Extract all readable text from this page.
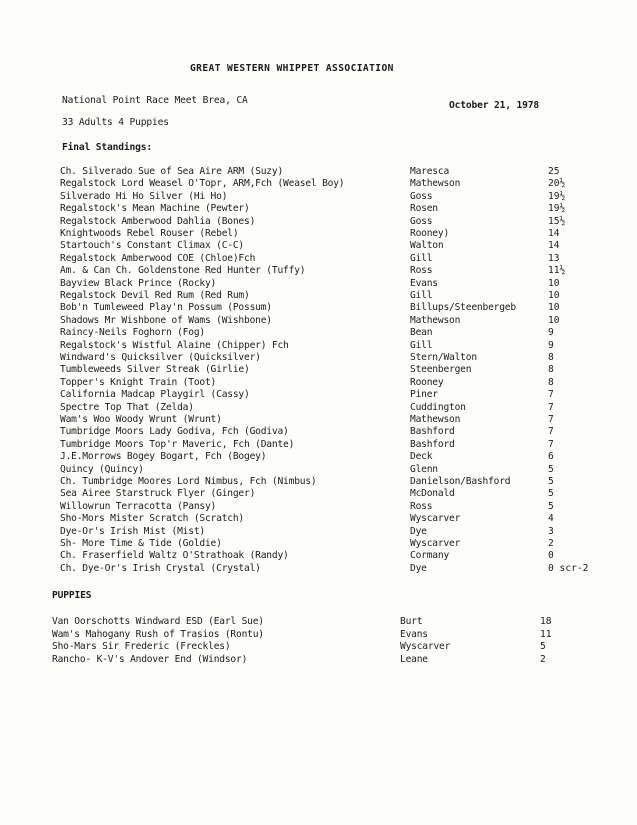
GREAT WESTERN WHIPPET ASSOCIATION
National Point Race Meet Brea, CA	October 21, 1978
33 Adults 4 Puppies
Final Standings:
Ch. Silverado Sue of Sea Aire ARM (Suzy)	Maresca	25
Regalstock Lord Weasel O'Topr, ARM,Fch (Weasel Boy)	Mathewson	20½
Silverado Hi Ho Silver (Hi Ho)	Goss	19½
Regalstock's Mean Machine (Pewter)	Rosen	19½
Regalstock Amberwood Dahlia (Bones)	Goss	15½
Knightwoods Rebel Rouser (Rebel)	Rooney)	14
Startouch's Constant Climax (C-C)	Walton	14
Regalstock Amberwood COE (Chloe)Fch	Gill	13
Am. & Can Ch. Goldenstone Red Hunter (Tuffy)	Ross	11½
Bayview Black Prince (Rocky)	Evans	10
Regalstock Devil Red Rum (Red Rum)	Gill	10
Bob'n Tumleweed Play'n Possum (Possum)	Billups/Steenbergeb	10
Shadows Mr Wishbone of Wams (Wishbone)	Mathewson	10
Raincy-Neils Foghorn (Fog)	Bean	9
Regalstock's Wistful Alaine (Chipper) Fch	Gill	9
Windward's Quicksilver (Quicksilver)	Stern/Walton	8
Tumbleweeds Silver Streak (Girlie)	Steenbergen	8
Topper's Knight Train (Toot)	Rooney	8
California Madcap Playgirl (Cassy)	Piner	7
Spectre Top That (Zelda)	Cuddington	7
Wam's Woo Woody Wrunt (Wrunt)	Mathewson	7
Tumbridge Moors Lady Godiva, Fch (Godiva)	Bashford	7
Tumbridge Moors Top'r Maveric, Fch (Dante)	Bashford	7
J.E.Morrows Bogey Bogart, Fch (Bogey)	Deck	6
Quincy (Quincy)	Glenn	5
Ch. Tumbridge Moores Lord Nimbus, Fch (Nimbus)	Danielson/Bashford	5
Sea Airee Starstruck Flyer (Ginger)	McDonald	5
Willowrun Terracotta (Pansy)	Ross	5
Sho-Mors Mister Scratch (Scratch)	Wyscarver	4
Dye-Or's Irish Mist (Mist)	Dye	3
Sh- More Time & Tide (Goldie)	Wyscarver	2
Ch. Fraserfield Waltz O'Strathoak (Randy)	Cormany	0
Ch. Dye-Or's Irish Crystal (Crystal)	Dye	0 scr-2
PUPPIES
Van Oorschotts Windward ESD (Earl Sue)	Burt	18
Wam's Mahogany Rush of Trasios (Rontu)	Evans	11
Sho-Mars Sir Frederic (Freckles)	Wyscarver	5
Rancho- K-V's Andover End (Windsor)	Leane	2
